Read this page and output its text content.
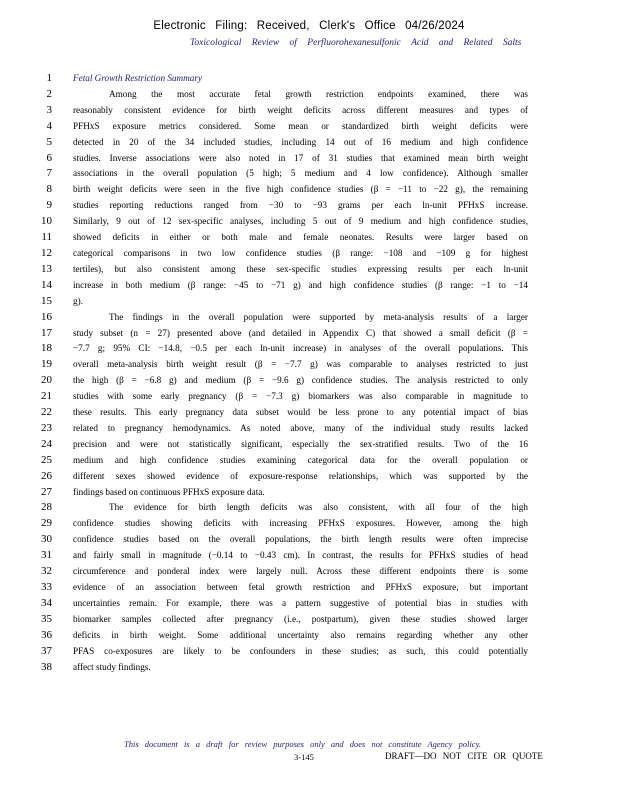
Electronic Filing: Received, Clerk's Office 04/26/2024
Toxicological Review of Perfluorohexanesulfonic Acid and Related Salts
1 Fetal Growth Restriction Summary
2	Among the most accurate fetal growth restriction endpoints examined, there was
3 reasonably consistent evidence for birth weight deficits across different measures and types of
4 PFHxS exposure metrics considered. Some mean or standardized birth weight deficits were
5 detected in 20 of the 34 included studies, including 14 out of 16 medium and high confidence
6 studies. Inverse associations were also noted in 17 of 31 studies that examined mean birth weight
7 associations in the overall population (5 high; 5 medium and 4 low confidence). Although smaller
8 birth weight deficits were seen in the five high confidence studies (β = −11 to −22 g), the remaining
9 studies reporting reductions ranged from −30 to −93 grams per each ln-unit PFHxS increase.
10 Similarly, 9 out of 12 sex-specific analyses, including 5 out of 9 medium and high confidence studies,
11 showed deficits in either or both male and female neonates. Results were larger based on
12 categorical comparisons in two low confidence studies (β range: −108 and −109 g for highest
13 tertiles), but also consistent among these sex-specific studies expressing results per each ln-unit
14 increase in both medium (β range: −45 to −71 g) and high confidence studies (β range: −1 to −14
15 g).
16	The findings in the overall population were supported by meta-analysis results of a larger
17 study subset (n = 27) presented above (and detailed in Appendix C) that showed a small deficit (β =
18 −7.7 g; 95% CI: −14.8, −0.5 per each ln-unit increase) in analyses of the overall populations. This
19 overall meta-analysis birth weight result (β = −7.7 g) was comparable to analyses restricted to just
20 the high (β = −6.8 g) and medium (β = −9.6 g) confidence studies. The analysis restricted to only
21 studies with some early pregnancy (β = −7.3 g) biomarkers was also comparable in magnitude to
22 these results. This early pregnancy data subset would be less prone to any potential impact of bias
23 related to pregnancy hemodynamics. As noted above, many of the individual study results lacked
24 precision and were not statistically significant, especially the sex-stratified results. Two of the 16
25 medium and high confidence studies examining categorical data for the overall population or
26 different sexes showed evidence of exposure-response relationships, which was supported by the
27 findings based on continuous PFHxS exposure data.
28	The evidence for birth length deficits was also consistent, with all four of the high
29 confidence studies showing deficits with increasing PFHxS exposures. However, among the high
30 confidence studies based on the overall populations, the birth length results were often imprecise
31 and fairly small in magnitude (−0.14 to −0.43 cm). In contrast, the results for PFHxS studies of head
32 circumference and ponderal index were largely null. Across these different endpoints there is some
33 evidence of an association between fetal growth restriction and PFHxS exposure, but important
34 uncertainties remain. For example, there was a pattern suggestive of potential bias in studies with
35 biomarker samples collected after pregnancy (i.e., postpartum), given these studies showed larger
36 deficits in birth weight. Some additional uncertainty also remains regarding whether any other
37 PFAS co-exposures are likely to be confounders in these studies; as such, this could potentially
38 affect study findings.
This document is a draft for review purposes only and does not constitute Agency policy.
3-145	DRAFT—DO NOT CITE OR QUOTE
